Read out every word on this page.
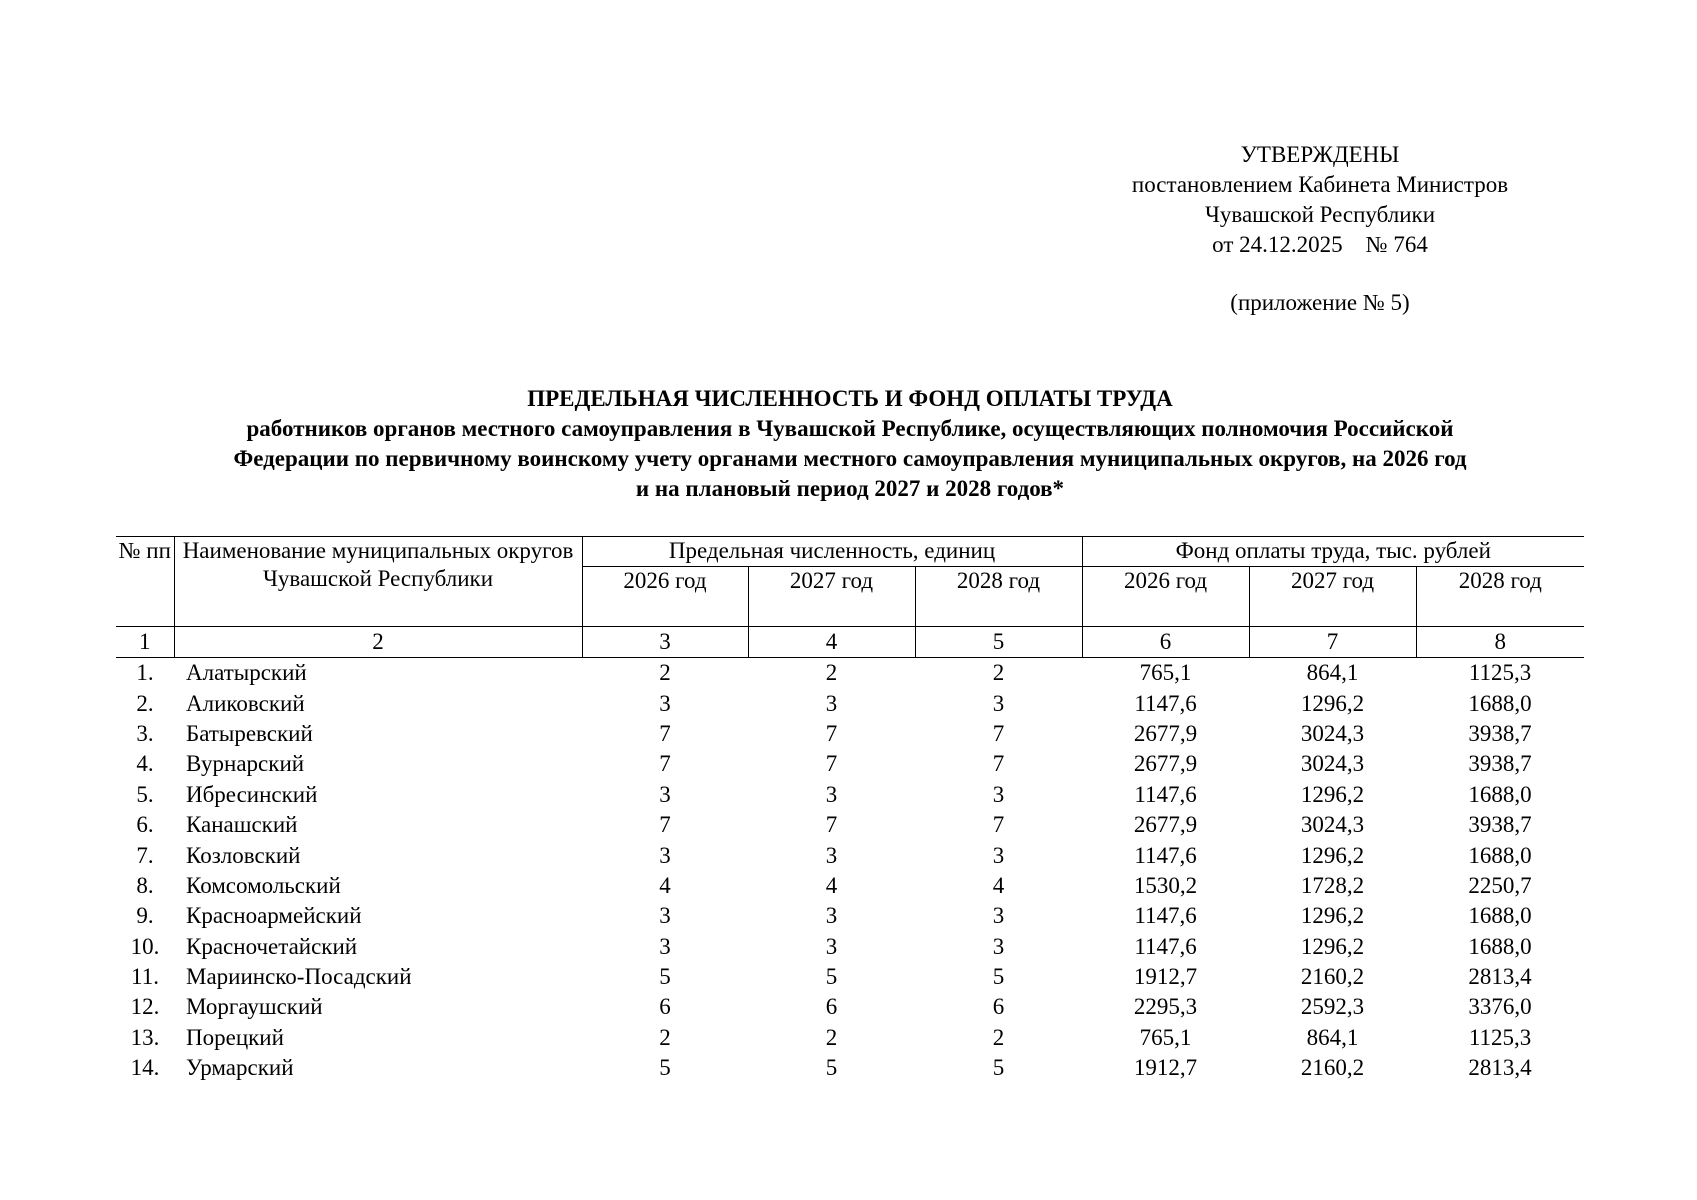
УТВЕРЖДЕНЫ
постановлением Кабинета Министров
Чувашской Республики
от 24.12.2025    № 764
(приложение № 5)
ПРЕДЕЛЬНАЯ ЧИСЛЕННОСТЬ И ФОНД ОПЛАТЫ ТРУДА
работников органов местного самоуправления в Чувашской Республике, осуществляющих полномочия Российской
Федерации по первичному воинскому учету органами местного самоуправления муниципальных округов, на 2026 год
и на плановый период 2027 и 2028 годов*
№ пп	Наименование муниципальных округов Чувашской Республики	Предельная численность, единиц			Фонд оплаты труда, тыс. рублей		
		2026 год	2027 год	2028 год	2026 год	2027 год	2028 год
1	2	3	4	5	6	7	8
1.	Алатырский	2	2	2	765,1	864,1	1125,3
2.	Аликовский	3	3	3	1147,6	1296,2	1688,0
3.	Батыревский	7	7	7	2677,9	3024,3	3938,7
4.	Вурнарский	7	7	7	2677,9	3024,3	3938,7
5.	Ибресинский	3	3	3	1147,6	1296,2	1688,0
6.	Канашский	7	7	7	2677,9	3024,3	3938,7
7.	Козловский	3	3	3	1147,6	1296,2	1688,0
8.	Комсомольский	4	4	4	1530,2	1728,2	2250,7
9.	Красноармейский	3	3	3	1147,6	1296,2	1688,0
10.	Красночетайский	3	3	3	1147,6	1296,2	1688,0
11.	Мариинско-Посадский	5	5	5	1912,7	2160,2	2813,4
12.	Моргаушский	6	6	6	2295,3	2592,3	3376,0
13.	Порецкий	2	2	2	765,1	864,1	1125,3
14.	Урмарский	5	5	5	1912,7	2160,2	2813,4
